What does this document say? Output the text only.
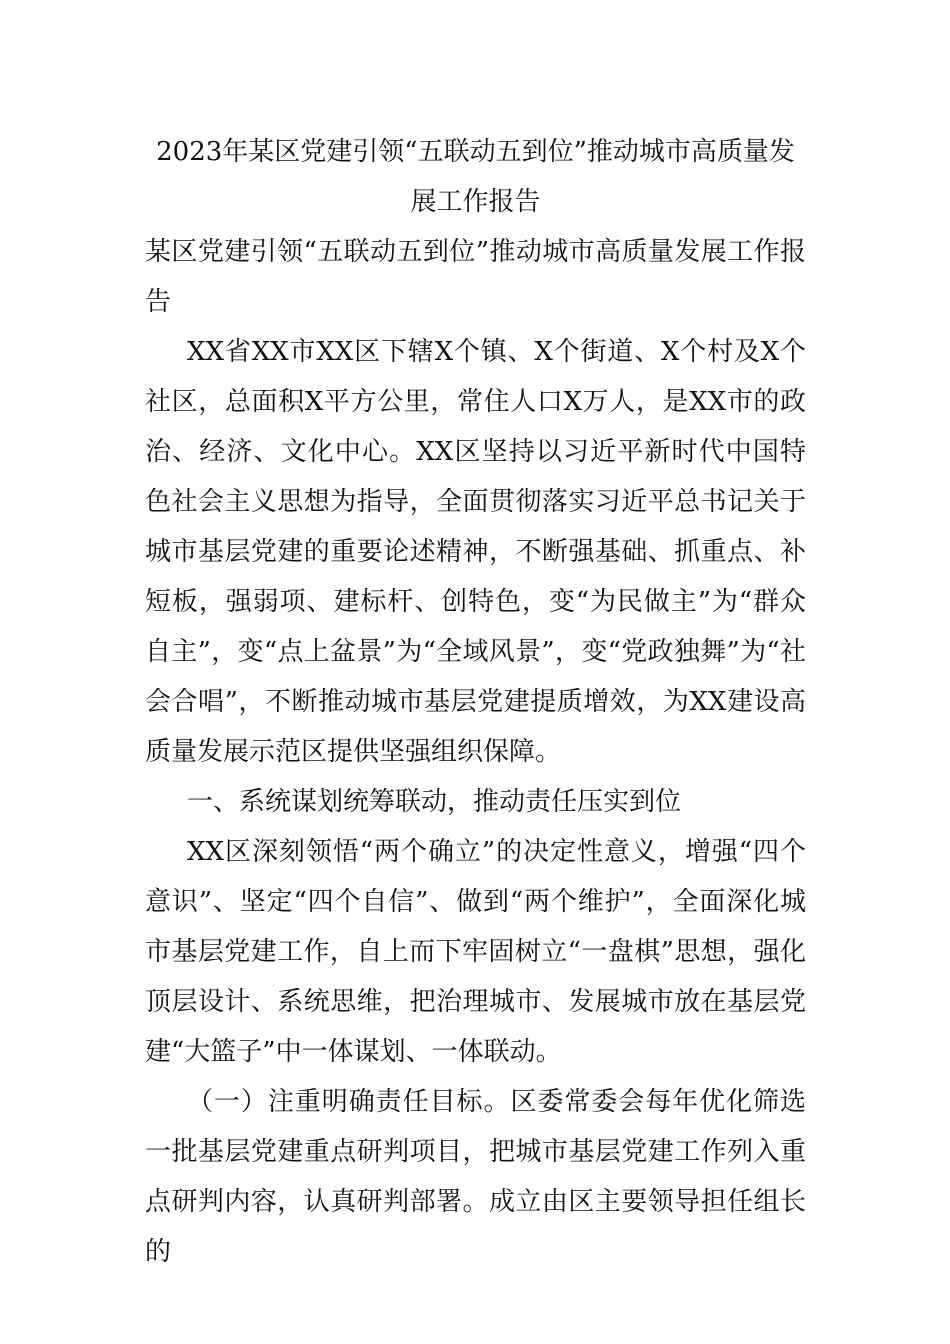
2023年某区党建引领“五联动五到位”推动城市高质量发展工作报告

某区党建引领“五联动五到位”推动城市高质量发展工作报告

XX省XX市XX区下辖X个镇、X个街道、X个村及X个社区，总面积X平方公里，常住人口X万人，是XX市的政治、经济、文化中心。XX区坚持以习近平新时代中国特色社会主义思想为指导，全面贯彻落实习近平总书记关于城市基层党建的重要论述精神，不断强基础、抓重点、补短板，强弱项、建标杆、创特色，变“为民做主”为“群众自主”，变“点上盆景”为“全域风景”，变“党政独舞”为“社会合唱”，不断推动城市基层党建提质增效，为XX建设高质量发展示范区提供坚强组织保障。

一、系统谋划统筹联动，推动责任压实到位

XX区深刻领悟“两个确立”的决定性意义，增强“四个意识”、坚定“四个自信”、做到“两个维护”，全面深化城市基层党建工作，自上而下牢固树立“一盘棋”思想，强化顶层设计、系统思维，把治理城市、发展城市放在基层党建“大篮子”中一体谋划、一体联动。

（一）注重明确责任目标。区委常委会每年优化筛选一批基层党建重点研判项目，把城市基层党建工作列入重点研判内容，认真研判部署。成立由区主要领导担任组长的
